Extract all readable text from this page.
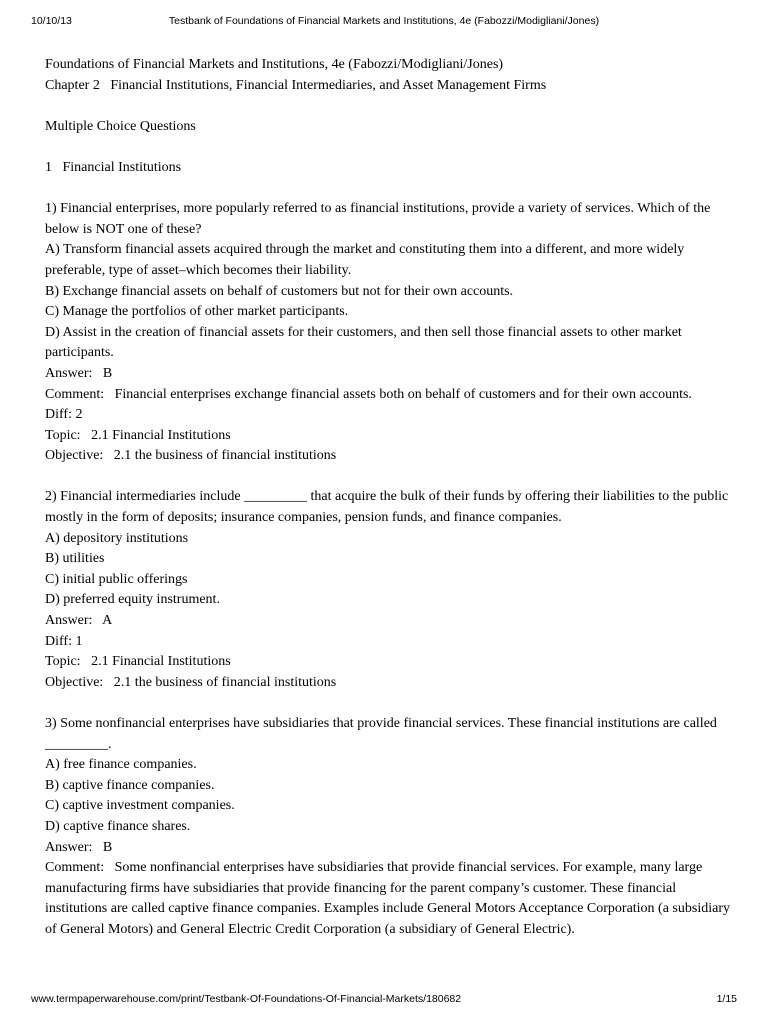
10/10/13	Testbank of Foundations of Financial Markets and Institutions, 4e (Fabozzi/Modigliani/Jones)

Foundations of Financial Markets and Institutions, 4e (Fabozzi/Modigliani/Jones)

Chapter 2   Financial Institutions, Financial Intermediaries, and Asset Management Firms

Multiple Choice Questions

1   Financial Institutions

1) Financial enterprises, more popularly referred to as financial institutions, provide a variety of services. Which of the below is NOT one of these?

A) Transform financial assets acquired through the market and constituting them into a different, and more widely preferable, type of asset–which becomes their liability.

B) Exchange financial assets on behalf of customers but not for their own accounts.

C) Manage the portfolios of other market participants.

D) Assist in the creation of financial assets for their customers, and then sell those financial assets to other market participants.

Answer:   B

Comment:   Financial enterprises exchange financial assets both on behalf of customers and for their own accounts.

Diff: 2

Topic:   2.1 Financial Institutions

Objective:   2.1 the business of financial institutions

2) Financial intermediaries include _________ that acquire the bulk of their funds by offering their liabilities to the public mostly in the form of deposits; insurance companies, pension funds, and finance companies.

A) depository institutions

B) utilities

C) initial public offerings

D) preferred equity instrument.

Answer:   A

Diff: 1

Topic:   2.1 Financial Institutions

Objective:   2.1 the business of financial institutions

3) Some nonfinancial enterprises have subsidiaries that provide financial services. These financial institutions are called _________.

A) free finance companies.

B) captive finance companies.

C) captive investment companies.

D) captive finance shares.

Answer:   B

Comment:   Some nonfinancial enterprises have subsidiaries that provide financial services. For example, many large manufacturing firms have subsidiaries that provide financing for the parent company’s customer. These financial institutions are called captive finance companies. Examples include General Motors Acceptance Corporation (a subsidiary of General Motors) and General Electric Credit Corporation (a subsidiary of General Electric).

www.termpaperwarehouse.com/print/Testbank-Of-Foundations-Of-Financial-Markets/180682	1/15
